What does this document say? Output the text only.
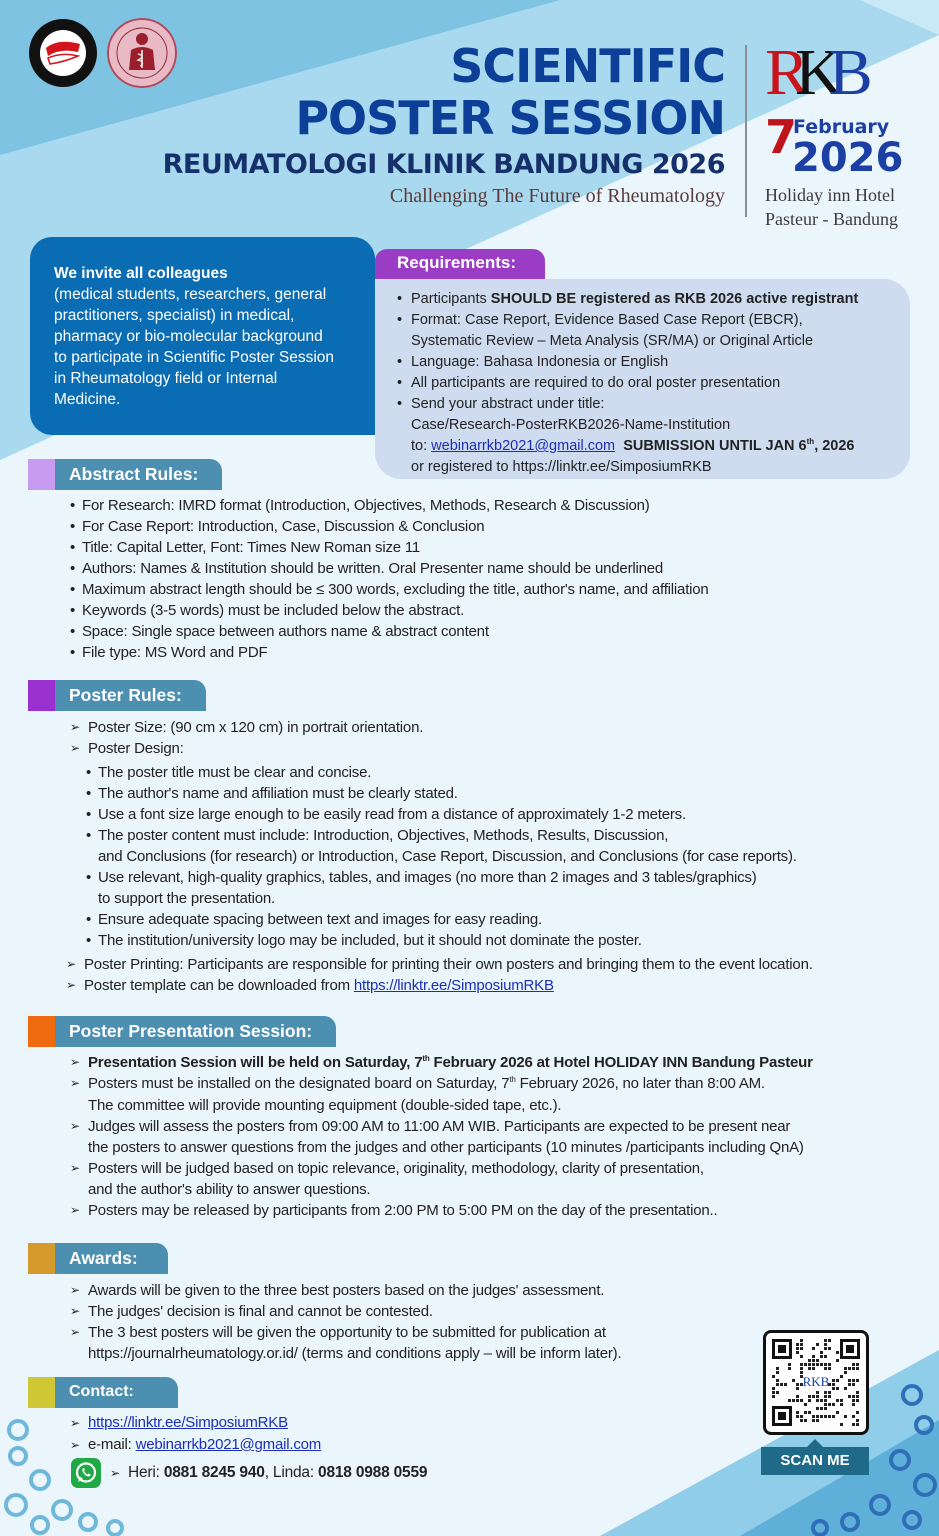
SCIENTIFIC
POSTER SESSION
REUMATOLOGI KLINIK BANDUNG 2026
Challenging The Future of Rheumatology
RKB
7
February
2026
Holiday inn Hotel
Pasteur - Bandung
We invite all colleagues
(medical students, researchers, general
practitioners, specialist) in medical,
pharmacy or bio-molecular background
to participate in Scientific Poster Session
in Rheumatology field or Internal
Medicine.
Requirements:
• Participants SHOULD BE registered as RKB 2026 active registrant
• Format: Case Report, Evidence Based Case Report (EBCR),
Systematic Review – Meta Analysis (SR/MA) or Original Article
• Language: Bahasa Indonesia or English
• All participants are required to do oral poster presentation
• Send your abstract under title:
Case/Research-PosterRKB2026-Name-Institution
to: webinarrkb2021@gmail.com SUBMISSION UNTIL JAN 6th, 2026
or registered to https://linktr.ee/SimposiumRKB
Abstract Rules:
• For Research: IMRD format (Introduction, Objectives, Methods, Research & Discussion)
• For Case Report: Introduction, Case, Discussion & Conclusion
• Title: Capital Letter, Font: Times New Roman size 11
• Authors: Names & Institution should be written. Oral Presenter name should be underlined
• Maximum abstract length should be ≤ 300 words, excluding the title, author's name, and affiliation
• Keywords (3-5 words) must be included below the abstract.
• Space: Single space between authors name & abstract content
• File type: MS Word and PDF
Poster Rules:
➢ Poster Size: (90 cm x 120 cm) in portrait orientation.
➢ Poster Design:
• The poster title must be clear and concise.
• The author's name and affiliation must be clearly stated.
• Use a font size large enough to be easily read from a distance of approximately 1-2 meters.
• The poster content must include: Introduction, Objectives, Methods, Results, Discussion,
and Conclusions (for research) or Introduction, Case Report, Discussion, and Conclusions (for case reports).
• Use relevant, high-quality graphics, tables, and images (no more than 2 images and 3 tables/graphics)
to support the presentation.
• Ensure adequate spacing between text and images for easy reading.
• The institution/university logo may be included, but it should not dominate the poster.
➢ Poster Printing: Participants are responsible for printing their own posters and bringing them to the event location.
➢ Poster template can be downloaded from https://linktr.ee/SimposiumRKB
Poster Presentation Session:
➢ Presentation Session will be held on Saturday, 7th February 2026 at Hotel HOLIDAY INN Bandung Pasteur
➢ Posters must be installed on the designated board on Saturday, 7th February 2026, no later than 8:00 AM.
The committee will provide mounting equipment (double-sided tape, etc.).
➢ Judges will assess the posters from 09:00 AM to 11:00 AM WIB. Participants are expected to be present near
the posters to answer questions from the judges and other participants (10 minutes /participants including QnA)
➢ Posters will be judged based on topic relevance, originality, methodology, clarity of presentation,
and the author's ability to answer questions.
➢ Posters may be released by participants from 2:00 PM to 5:00 PM on the day of the presentation..
Awards:
➢ Awards will be given to the three best posters based on the judges' assessment.
➢ The judges' decision is final and cannot be contested.
➢ The 3 best posters will be given the opportunity to be submitted for publication at
https://journalrheumatology.or.id/ (terms and conditions apply – will be inform later).
Contact:
➢ https://linktr.ee/SimposiumRKB
➢ e-mail: webinarrkb2021@gmail.com
➢ Heri: 0881 8245 940, Linda: 0818 0988 0559
RKB
SCAN ME
